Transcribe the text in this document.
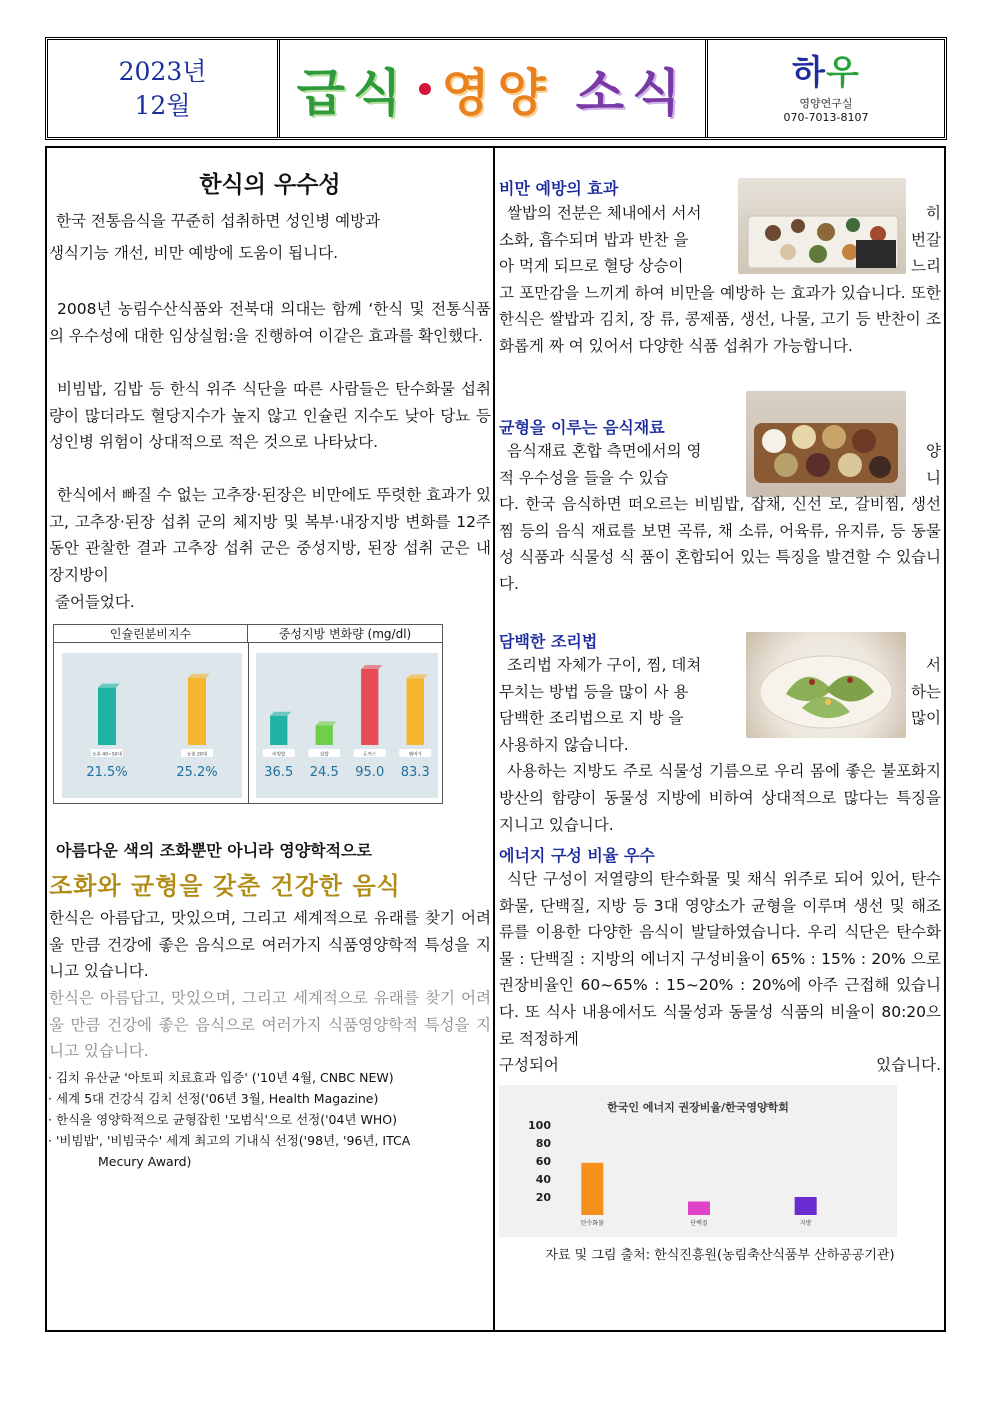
2023년
12월 급식 영양 소식	하우
영양연구실
070-7013-8107
한식의 우수성
한국 전통음식을 꾸준히 섭취하면 성인병 예방과
생식기능 개선, 비만 예방에 도움이 됩니다.
2008년 농림수산식품와 전북대 의대는 함께 ‘한식 및 전통식품의 우수성에 대한 임상실험:을 진행하여 이같은 효과를 확인했다.
비빔밥, 김밥 등 한식 위주 식단을 따른 사람들은 탄수화물 섭취량이 많더라도 혈당지수가 높지 않고 인슐린 지수도 낮아 당뇨 등 성인병 위험이 상대적으로 적은 것으로 나타났다.
한식에서 빠질 수 없는 고추장·된장은 비만에도 뚜렷한 효과가 있고, 고추장·된장 섭취 군의 체지방 및 복부·내장지방 변화를 12주 동안 관찰한 결과 고추장 섭취 군은 중성지방, 된장 섭취 군은 내장지방이
줄어들었다.
인슐린분비지수	중성지방 변화량 (mg/dl)
농촌 40~50대
21.5%
농촌 20대
25.2%
비빔밥
36.5
김밥
24.5
돈까스
95.0
햄버거
83.3
아름다운 색의 조화뿐만 아니라 영양학적으로
조화와 균형을 갖춘 건강한 음식
한식은 아름답고, 맛있으며, 그리고 세계적으로 유래를 찾기 어려울 만큼 건강에 좋은 음식으로 여러가지 식품영양학적 특성을 지니고 있습니다.
한식은 아름답고, 맛있으며, 그리고 세계적으로 유래를 찾기 어려울 만큼 건강에 좋은 음식으로 여러가지 식품영양학적 특성을 지니고 있습니다.
· 김치 유산균 '아토피 치료효과 입증' ('10년 4월, CNBC NEW)
· 세계 5대 건강식 김치 선정('06년 3월, Health Magazine)
· 한식을 영양학적으로 균형잡힌 '모범식'으로 선정('04년 WHO)
· '비빔밥', '비빔국수' 세계 최고의 기내식 선정('98년, '96년, ITCA
Mecury Award)
비만 예방의 효과
쌀밥의 전분은 체내에서 서서	히
소화, 흡수되며 밥과 반찬 을	번갈
아 먹게 되므로 혈당 상승이	느리
고 포만감을 느끼게 하여 비만을 예방하 는 효과가 있습니다. 또한 한식은 쌀밥과 김치, 장 류, 콩제품, 생선, 나물, 고기 등 반찬이 조화롭게 짜 여 있어서 다양한 식품 섭취가 가능합니다.
균형을 이루는 음식재료
음식재료 혼합 측면에서의 영	양
적 우수성을 들을 수 있습	니
다. 한국 음식하면 떠오르는 비빔밥, 잡채, 신선 로, 갈비찜, 생선찜 등의 음식 재료를 보면 곡류, 채 소류, 어육류, 유지류, 등 동물성 식품과 식물성 식 품이 혼합되어 있는 특징을 발견할 수 있습니다.
담백한 조리법
조리법 자체가 구이, 찜, 데쳐	서
무치는 방법 등을 많이 사 용	하는
담백한 조리법으로 지 방 을	많이
사용하지 않습니다.
사용하는 지방도 주로 식물성 기름으로 우리 몸에 좋은 불포화지방산의 함량이 동물성 지방에 비하여 상대적으로 많다는 특징을 지니고 있습니다.
에너지 구성 비율 우수
식단 구성이 저열량의 탄수화물 및 채식 위주로 되어 있어, 탄수화물, 단백질, 지방 등 3대 영양소가 균형을 이루며 생선 및 해조류를 이용한 다양한 음식이 발달하였습니다. 우리 식단은 탄수화물 : 단백질 : 지방의 에너지 구성비율이 65% : 15% : 20% 으로 권장비율인 60~65% : 15~20% : 20%에 아주 근접해 있습니다. 또 식사 내용에서도 식물성과 동물성 식품의 비율이 80:20으로 적정하게
구성되어	있습니다.
한국인 에너지 권장비율/한국영양학회
20
40
60
80
100
탄수화물	단백질	지방
자료 및 그림 출처: 한식진흥원(농림축산식품부 산하공공기관)
